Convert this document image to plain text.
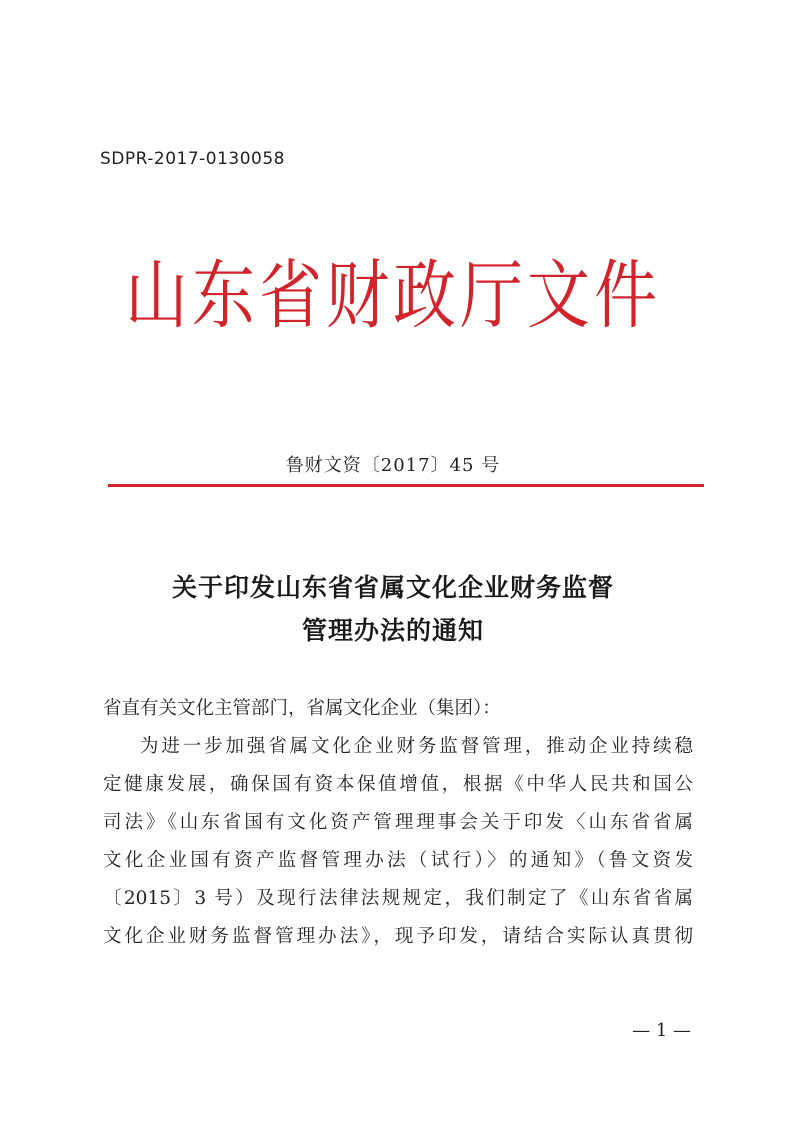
SDPR-2017-0130058
山东省财政厅文件
鲁财文资〔2017〕45 号
关于印发山东省省属文化企业财务监督
管理办法的通知
省直有关文化主管部门，省属文化企业（集团）：
为进一步加强省属文化企业财务监督管理，推动企业持续稳
定健康发展，确保国有资本保值增值，根据《中华人民共和国公
司法》《山东省国有文化资产管理理事会关于印发〈山东省省属
文化企业国有资产监督管理办法（试行）〉的通知》（鲁文资发
〔2015〕3 号）及现行法律法规规定，我们制定了《山东省省属
文化企业财务监督管理办法》，现予印发，请结合实际认真贯彻
— 1 —
